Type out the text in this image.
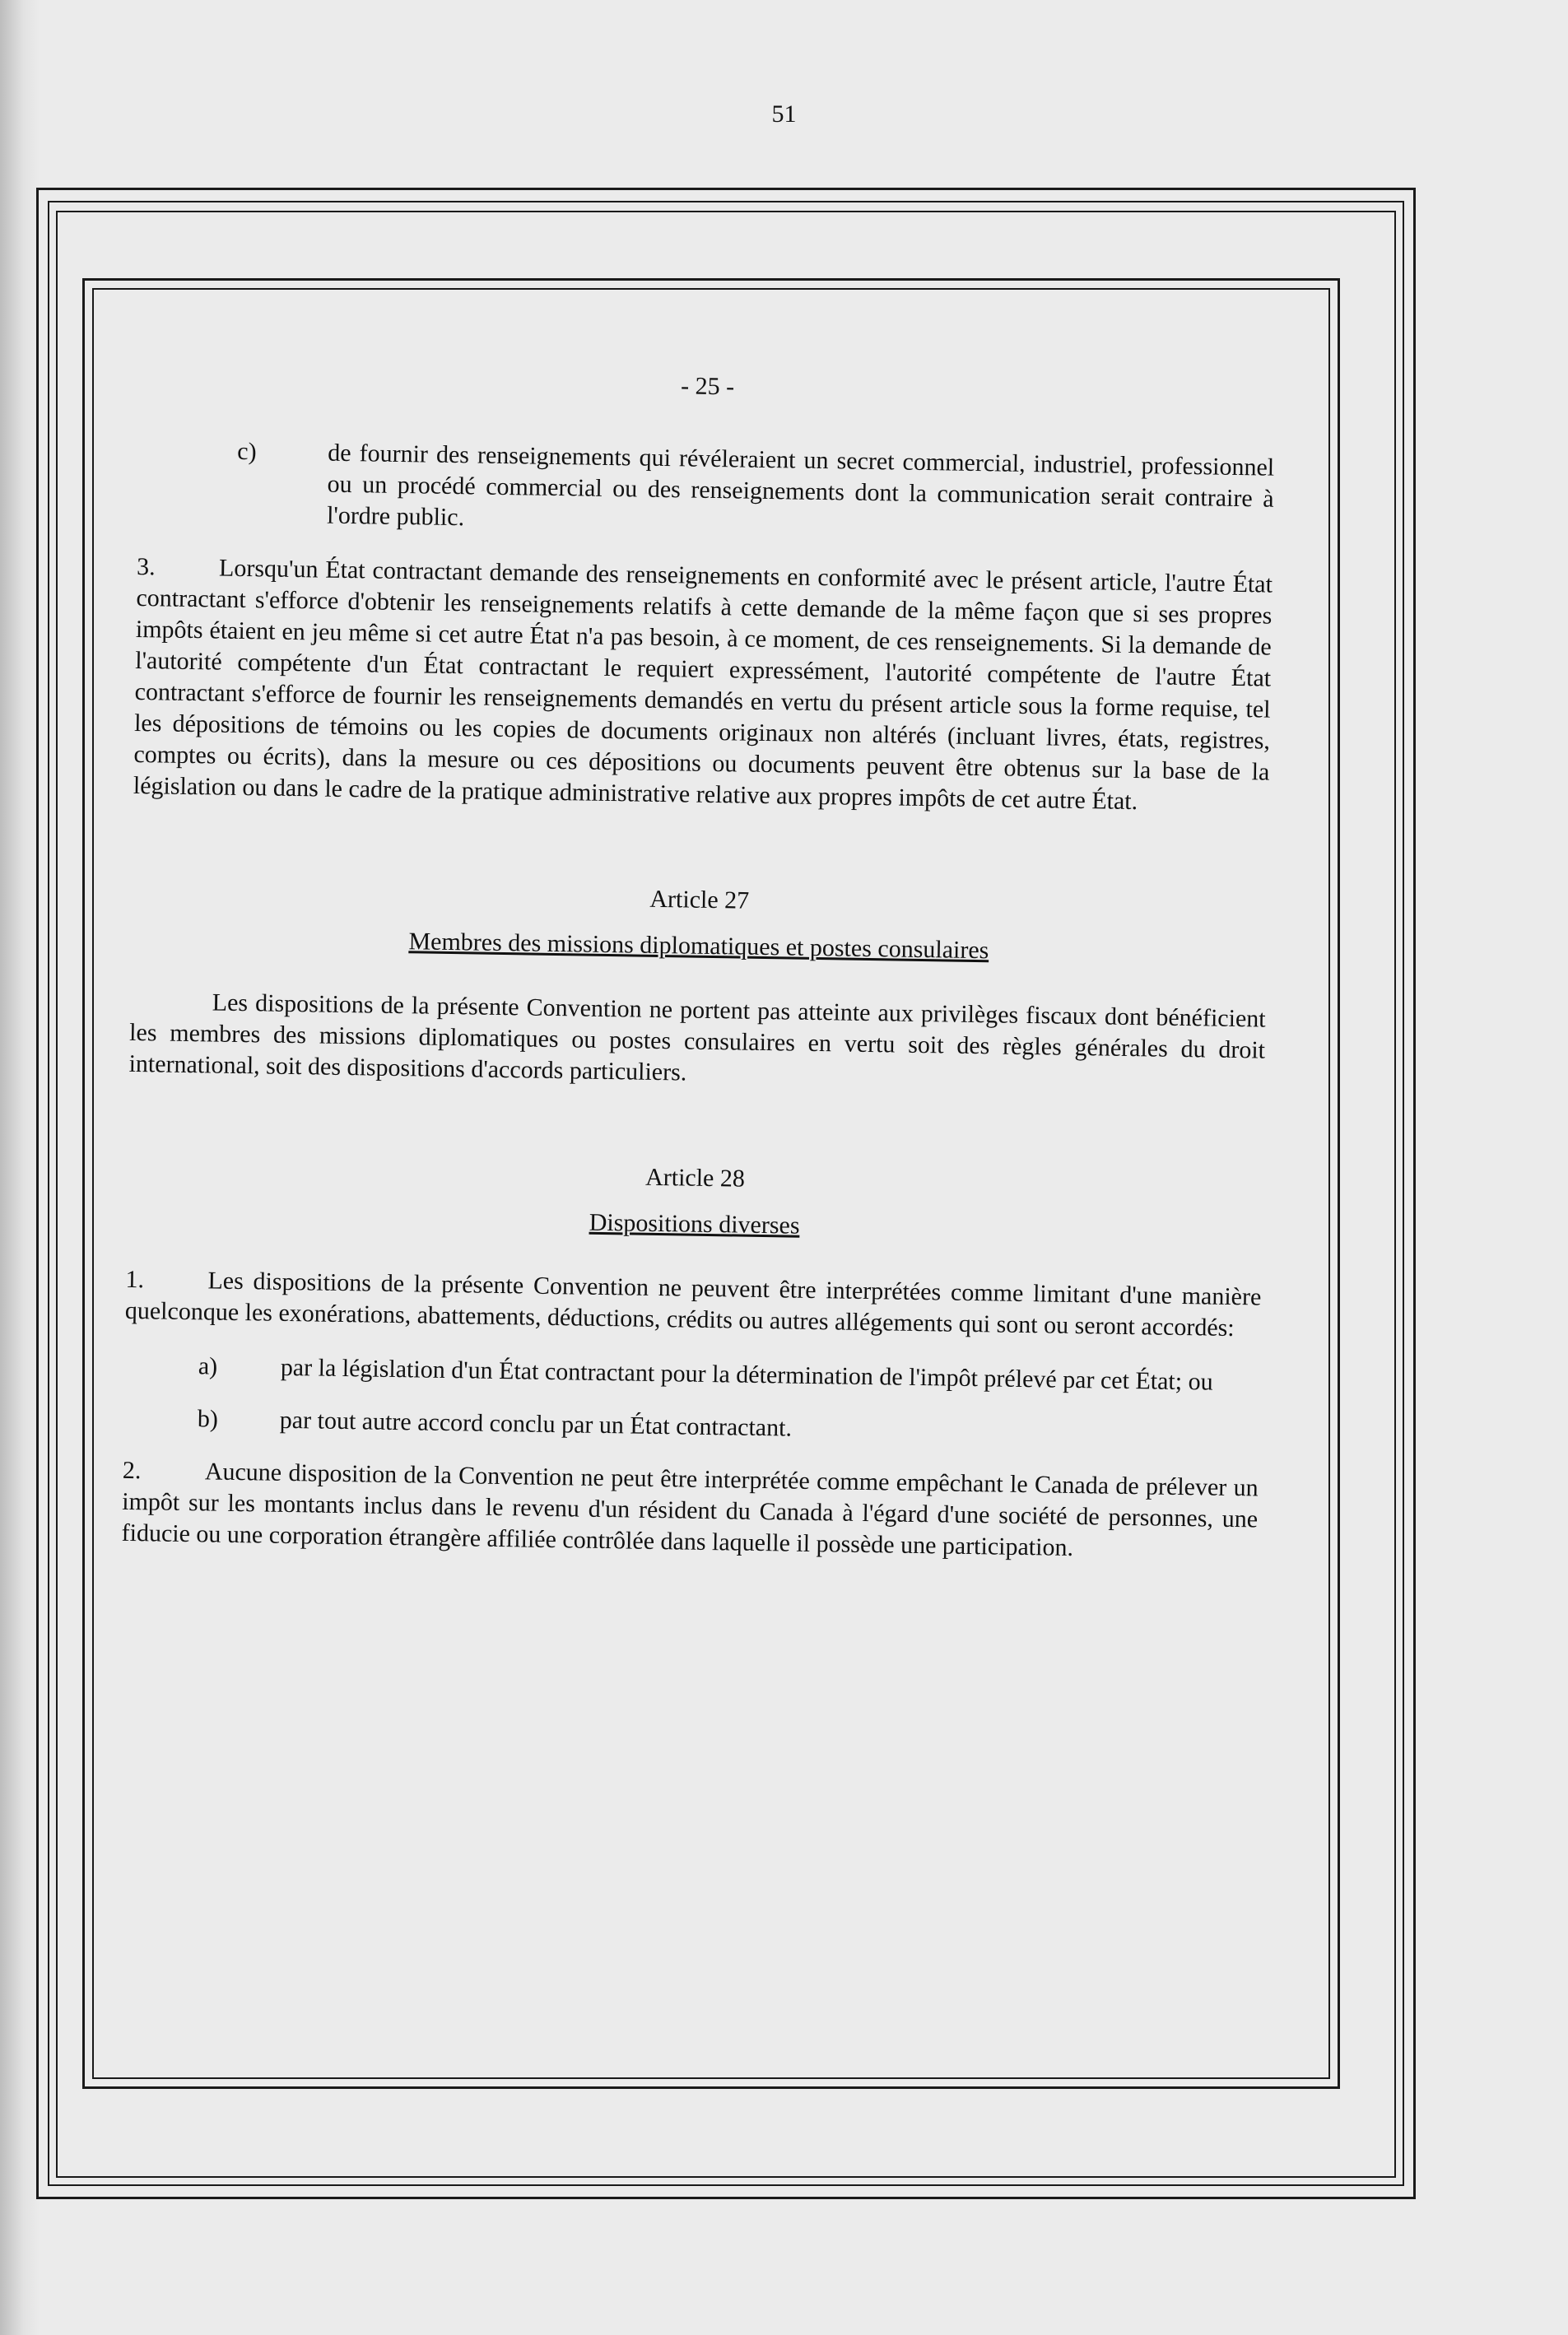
51
- 25 -
c)	de fournir des renseignements qui révéleraient un secret commercial, industriel, professionnel ou un procédé commercial ou des renseignements dont la communication serait contraire à l'ordre public.

3.	Lorsqu'un État contractant demande des renseignements en conformité avec le présent article, l'autre État contractant s'efforce d'obtenir les renseignements relatifs à cette demande de la même façon que si ses propres impôts étaient en jeu même si cet autre État n'a pas besoin, à ce moment, de ces renseignements. Si la demande de l'autorité compétente d'un État contractant le requiert expressément, l'autorité compétente de l'autre État contractant s'efforce de fournir les renseignements demandés en vertu du présent article sous la forme requise, tel les dépositions de témoins ou les copies de documents originaux non altérés (incluant livres, états, registres, comptes ou écrits), dans la mesure ou ces dépositions ou documents peuvent être obtenus sur la base de la législation ou dans le cadre de la pratique administrative relative aux propres impôts de cet autre État.

Article 27
Membres des missions diplomatiques et postes consulaires

Les dispositions de la présente Convention ne portent pas atteinte aux privilèges fiscaux dont bénéficient les membres des missions diplomatiques ou postes consulaires en vertu soit des règles générales du droit international, soit des dispositions d'accords particuliers.

Article 28
Dispositions diverses

1.	Les dispositions de la présente Convention ne peuvent être interprétées comme limitant d'une manière quelconque les exonérations, abattements, déductions, crédits ou autres allégements qui sont ou seront accordés:

a)	par la législation d'un État contractant pour la détermination de l'impôt prélevé par cet État; ou
b)	par tout autre accord conclu par un État contractant.

2.	Aucune disposition de la Convention ne peut être interprétée comme empêchant le Canada de prélever un impôt sur les montants inclus dans le revenu d'un résident du Canada à l'égard d'une société de personnes, une fiducie ou une corporation étrangère affiliée contrôlée dans laquelle il possède une participation.
